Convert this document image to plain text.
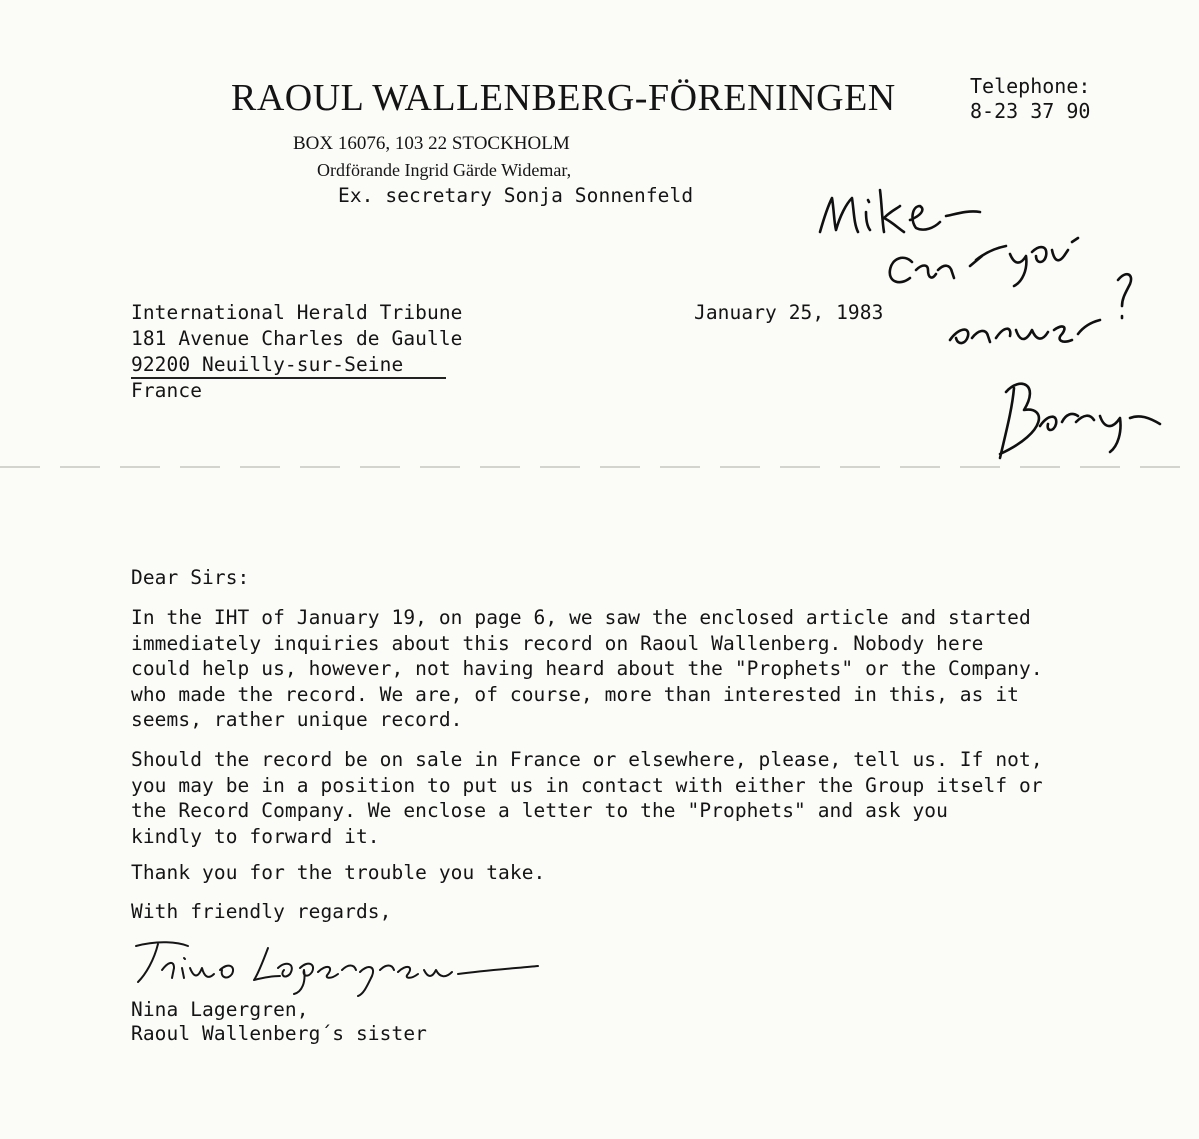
RAOUL WALLENBERG-FÖRENINGEN	Telephone:
8-23 37 90
BOX 16076, 103 22 STOCKHOLM
Ordförande Ingrid Gärde Widemar,
Ex. secretary Sonja Sonnenfeld
International Herald Tribune
181 Avenue Charles de Gaulle
92200 Neuilly-sur-Seine
France
January 25, 1983
Dear Sirs:
In the IHT of January 19, on page 6, we saw the enclosed article and started
immediately inquiries about this record on Raoul Wallenberg. Nobody here
could help us, however, not having heard about the "Prophets" or the Company.
who made the record. We are, of course, more than interested in this, as it
seems, rather unique record.
Should the record be on sale in France or elsewhere, please, tell us. If not,
you may be in a position to put us in contact with either the Group itself or
the Record Company. We enclose a letter to the "Prophets" and ask you
kindly to forward it.
Thank you for the trouble you take.
With friendly regards,
Nina Lagergren,
Raoul Wallenberg´s sister
